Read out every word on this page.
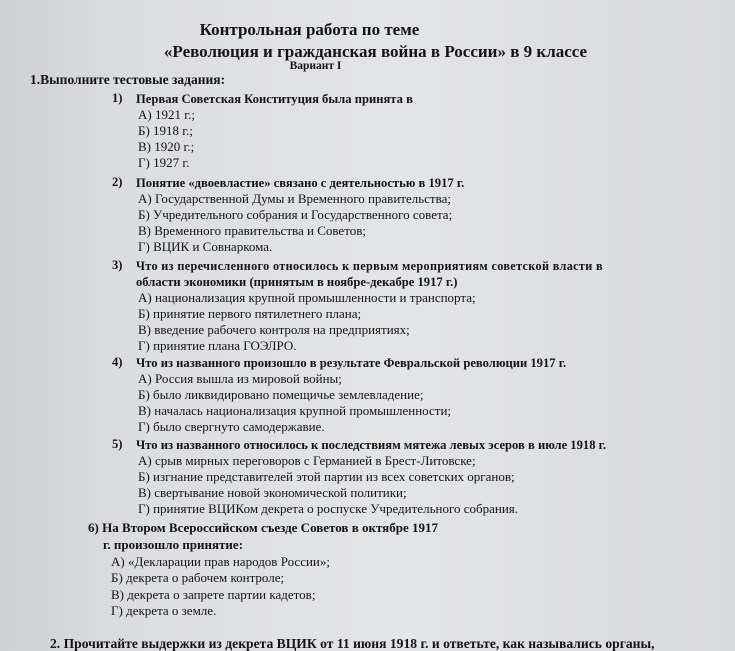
Контрольная работа по теме
«Революция и гражданская война в России» в 9 классе
Вариант I
1.Выполните тестовые задания:
1) Первая Советская Конституция была принята в
А) 1921 г.;
Б) 1918 г.;
В) 1920 г.;
Г) 1927 г.
2) Понятие «двоевластие» связано с деятельностью в 1917 г.
А) Государственной Думы и Временного правительства;
Б) Учредительного собрания и Государственного совета;
В) Временного правительства и Советов;
Г) ВЦИК и Совнаркома.
3) Что из перечисленного относилось к первым мероприятиям советской власти в
области экономики (принятым в ноябре-декабре 1917 г.)
А) национализация крупной промышленности и транспорта;
Б) принятие первого пятилетнего плана;
В) введение рабочего контроля на предприятиях;
Г) принятие плана ГОЭЛРО.
4) Что из названного произошло в результате Февральской революции 1917 г.
А) Россия вышла из мировой войны;
Б) было ликвидировано помещичье землевладение;
В) началась национализация крупной промышленности;
Г) было свергнуто самодержавие.
5) Что из названного относилось к последствиям мятежа левых эсеров в июле 1918 г.
А) срыв мирных переговоров с Германией в Брест-Литовске;
Б) изгнание представителей этой партии из всех советских органов;
В) свертывание новой экономической политики;
Г) принятие ВЦИКом декрета о роспуске Учредительного собрания.
6) На Втором Всероссийском съезде Советов в октябре 1917
г. произошло принятие:
А) «Декларации прав народов России»;
Б) декрета о рабочем контроле;
В) декрета о запрете партии кадетов;
Г) декрета о земле.
2. Прочитайте выдержки из декрета ВЦИК от 11 июня 1918 г. и ответьте, как назывались органы,
